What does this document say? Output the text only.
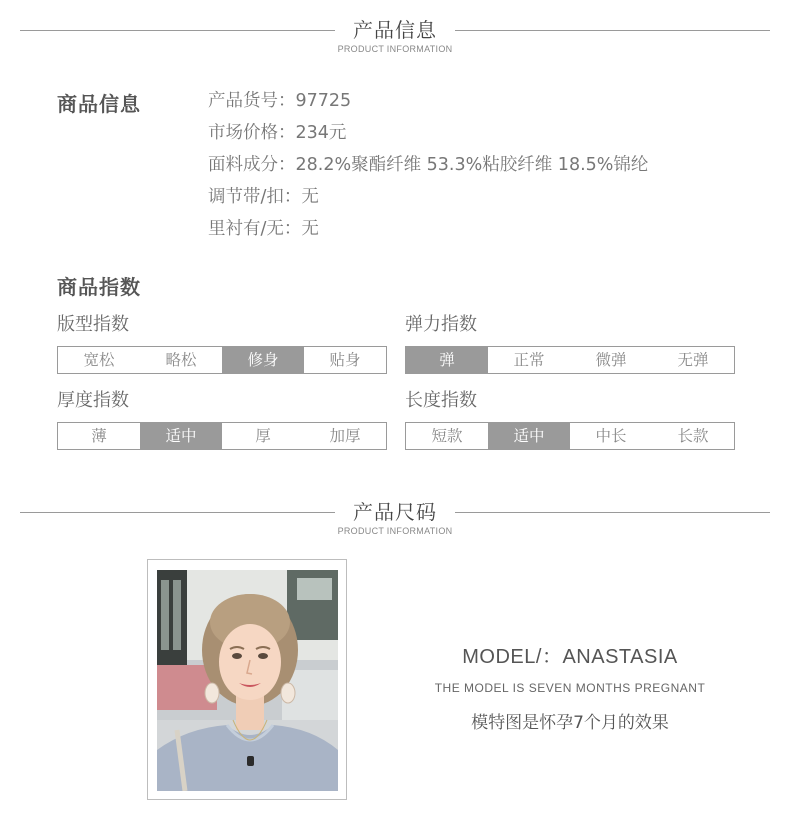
产品信息
PRODUCT INFORMATION
商品信息	产品货号：97725
市场价格：234元
面料成分：28.2%聚酯纤维 53.3%粘胶纤维 18.5%锦纶
调节带/扣：无
里衬有/无：无
商品指数
版型指数
宽松	略松	修身	贴身
弹力指数
弹	正常	微弹	无弹
厚度指数
薄	适中	厚	加厚
长度指数
短款	适中	中长	长款
产品尺码
PRODUCT INFORMATION
MODEL/：ANASTASIA
THE MODEL IS SEVEN MONTHS PREGNANT
模特图是怀孕7个月的效果
